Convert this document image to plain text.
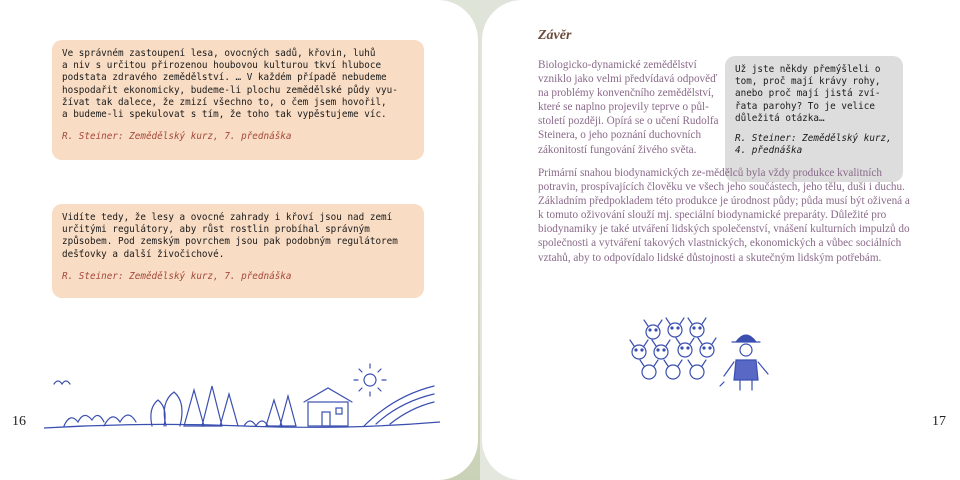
Ve správném zastoupení lesa, ovocných sadů, křovin, luhů
a niv s určitou přirozenou houbovou kulturou tkví hluboce
podstata zdravého zemědělství. … V každém případě nebudeme
hospodařit ekonomicky, budeme-li plochu zemědělské půdy vyu-
žívat tak dalece, že zmizí všechno to, o čem jsem hovořil,
a budeme-li spekulovat s tím, že toho tak vypěstujeme víc.

R. Steiner: Zemědělský kurz, 7. přednáška

Vidíte tedy, že lesy a ovocné zahrady i křoví jsou nad zemí
určitými regulátory, aby růst rostlin probíhal správným
způsobem. Pod zemským povrchem jsou pak podobným regulátorem
dešťovky a další živočichové.

R. Steiner: Zemědělský kurz, 7. přednáška

16
Závěr

Biologicko-dynamické zemědělství vzniklo jako velmi předvídavá odpověď na problémy konvenčního zemědělství, které se naplno projevily teprve o půl-století později. Opírá se o učení Rudolfa Steinera, o jeho poznání duchovních zákonitostí fungování živého světa.

Už jste někdy přemýšleli o
tom, proč mají krávy rohy,
anebo proč mají jistá zví-
řata parohy? To je velice
důležitá otázka…

R. Steiner: Zemědělský kurz,
4. přednáška

Primární snahou biodynamických ze-mědělců byla vždy produkce kvalitních potravin, prospívajících člověku ve všech jeho součástech, jeho tělu, duši i duchu. Základním předpokladem této produkce je úrodnost půdy; půda musí být oživená a k tomuto oživování slouží mj. speciální biodynamické preparáty. Důležité pro biodynamiky je také utváření lidských společenství, vnášení kulturních impulzů do společnosti a vytváření takových vlastnických, ekonomických a vůbec sociálních vztahů, aby to odpovídalo lidské důstojnosti a skutečným lidským potřebám.

17
